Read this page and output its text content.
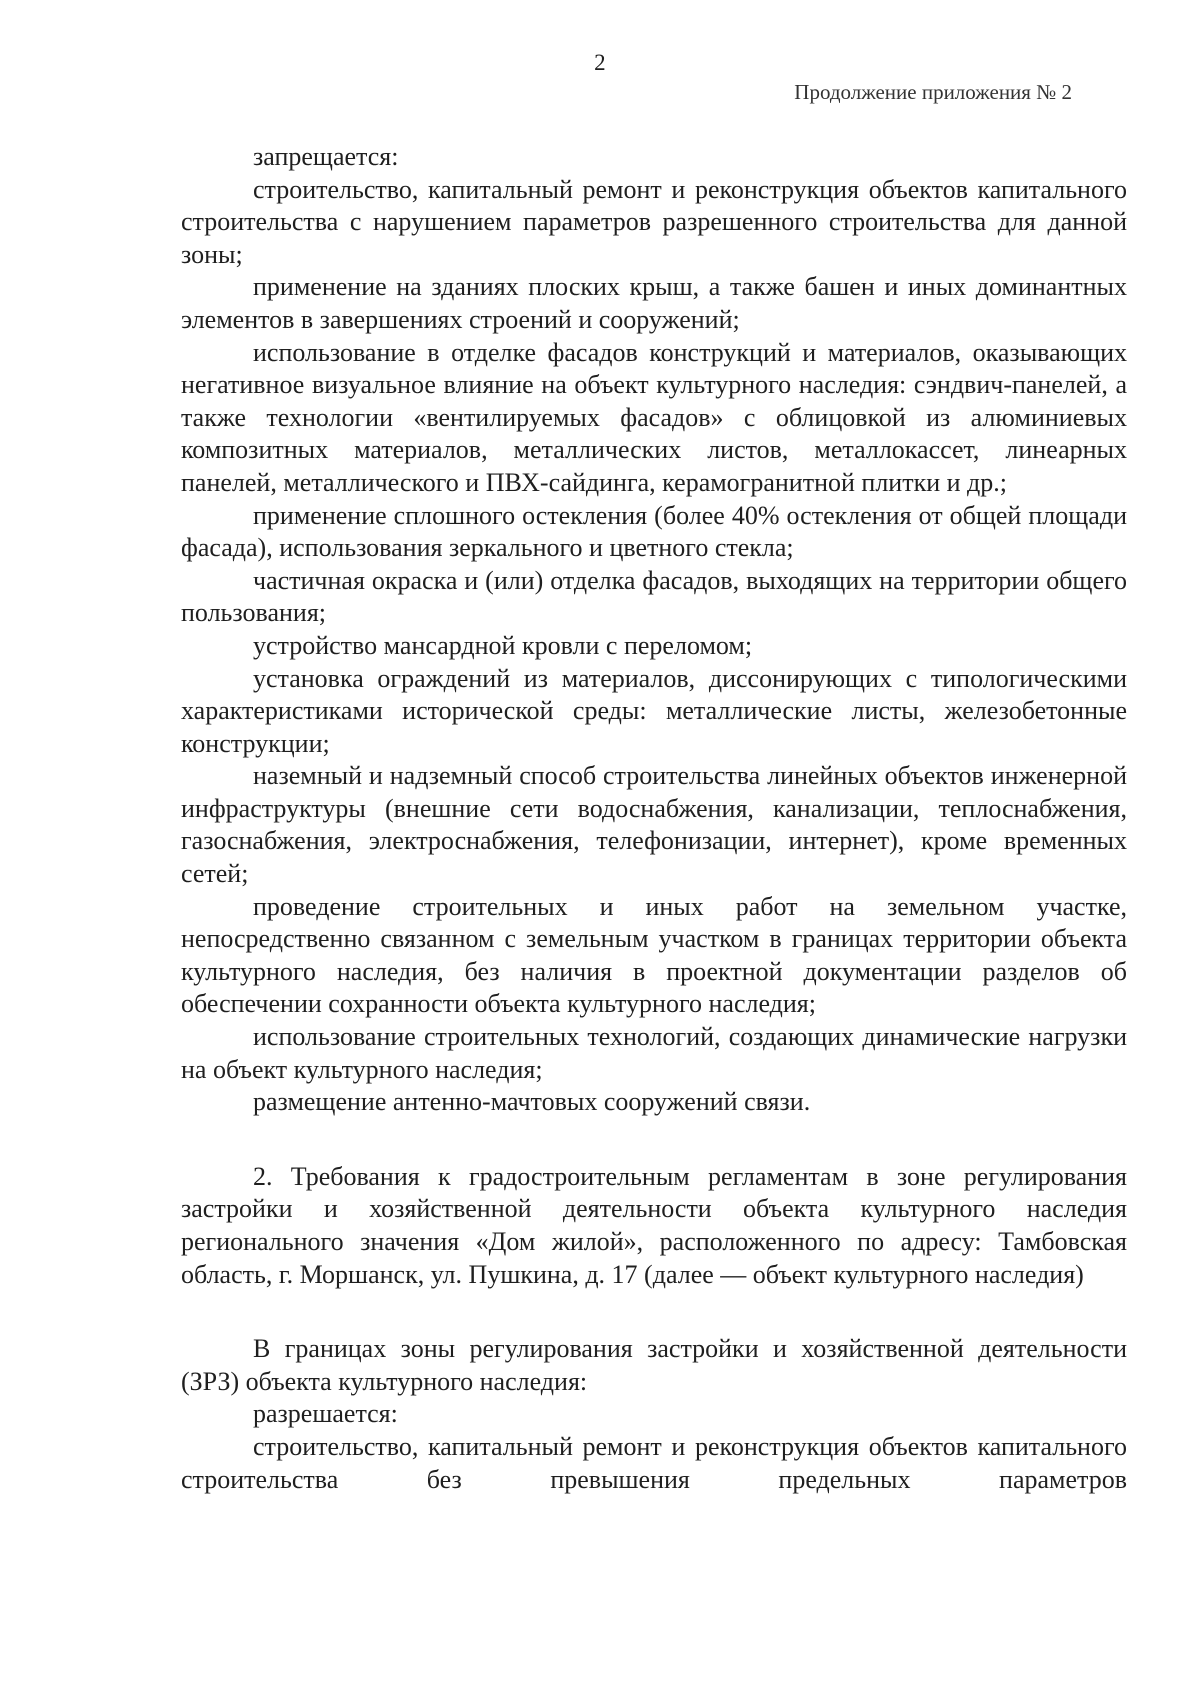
2
Продолжение приложения № 2

запрещается:

строительство, капитальный ремонт и реконструкция объектов капитального строительства с нарушением параметров разрешенного строительства для данной зоны;

применение на зданиях плоских крыш, а также башен и иных доминантных элементов в завершениях строений и сооружений;

использование в отделке фасадов конструкций и материалов, оказывающих негативное визуальное влияние на объект культурного наследия: сэндвич-панелей, а также технологии «вентилируемых фасадов» с облицовкой из алюминиевых композитных материалов, металлических листов, металлокассет, линеарных панелей, металлического и ПВХ-сайдинга, керамогранитной плитки и др.;

применение сплошного остекления (более 40% остекления от общей площади фасада), использования зеркального и цветного стекла;

частичная окраска и (или) отделка фасадов, выходящих на территории общего пользования;

устройство мансардной кровли с переломом;

установка ограждений из материалов, диссонирующих с типологическими характеристиками исторической среды: металлические листы, железобетонные конструкции;

наземный и надземный способ строительства линейных объектов инженерной инфраструктуры (внешние сети водоснабжения, канализации, теплоснабжения, газоснабжения, электроснабжения, телефонизации, интернет), кроме временных сетей;

проведение строительных и иных работ на земельном участке, непосредственно связанном с земельным участком в границах территории объекта культурного наследия, без наличия в проектной документации разделов об обеспечении сохранности объекта культурного наследия;

использование строительных технологий, создающих динамические нагрузки на объект культурного наследия;

размещение антенно-мачтовых сооружений связи.

2. Требования к градостроительным регламентам в зоне регулирования застройки и хозяйственной деятельности объекта культурного наследия регионального значения «Дом жилой», расположенного по адресу: Тамбовская область, г. Моршанск, ул. Пушкина, д. 17 (далее — объект культурного наследия)

В границах зоны регулирования застройки и хозяйственной деятельности (ЗРЗ) объекта культурного наследия:

разрешается:

строительство, капитальный ремонт и реконструкция объектов капитального строительства без превышения предельных параметров
